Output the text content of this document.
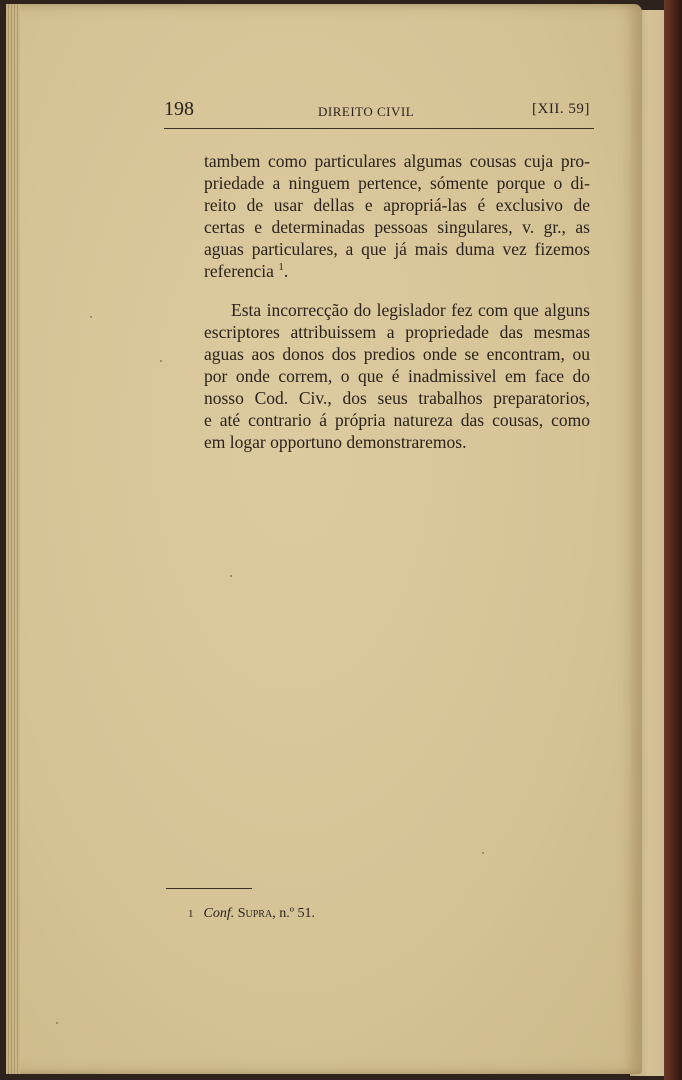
198	DIREITO CIVIL	[XII. 59]
tambem como particulares algumas cousas cuja pro-
priedade a ninguem pertence, sómente porque o di-
reito de usar dellas e apropriá-las é exclusivo de
certas e determinadas pessoas singulares, v. gr., as
aguas particulares, a que já mais duma vez fizemos
referencia $^1$.
Esta incorrecção do legislador fez com que alguns
escriptores attribuissem a propriedade das mesmas
aguas aos donos dos predios onde se encontram, ou
por onde correm, o que é inadmissivel em face do
nosso Cod. Civ., dos seus trabalhos preparatorios,
e até contrario á própria natureza das cousas, como
em logar opportuno demonstraremos.
1 Conf. Supra, n.º 51.
